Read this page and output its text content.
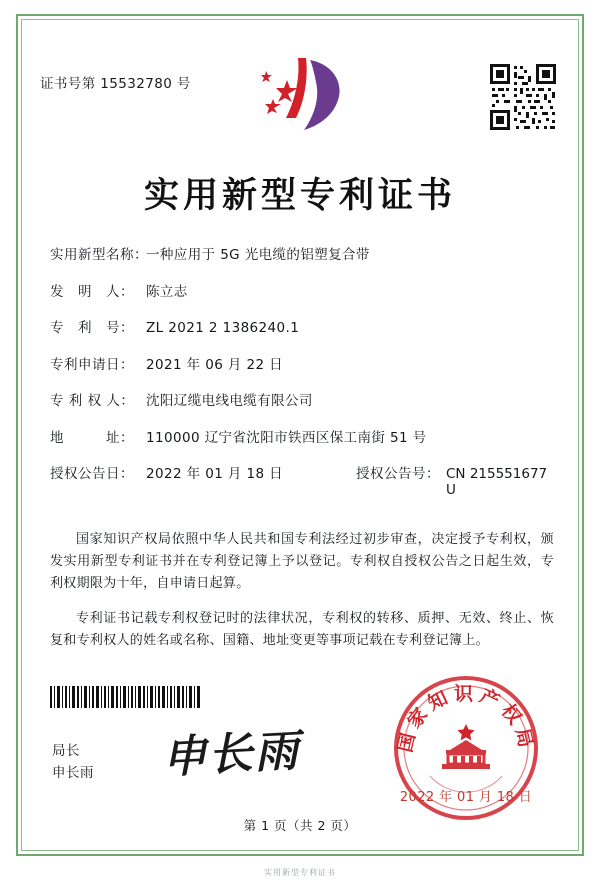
证书号第 15532780 号
实用新型专利证书
实用新型名称：
一种应用于 5G 光电缆的铝塑复合带
发　明　人： 陈立志
专　利　号： ZL 2021 2 1386240.1
专利申请日： 2021 年 06 月 22 日
专 利 权 人： 沈阳辽缆电线电缆有限公司
地　　　址： 110000 辽宁省沈阳市铁西区保工南街 51 号
授权公告日： 2022 年 01 月 18 日	授权公告号： CN 215551677 U

国家知识产权局依照中华人民共和国专利法经过初步审查，决定授予专利权，颁发实用新型专利证书并在专利登记簿上予以登记。专利权自授权公告之日起生效，专利权期限为十年，自申请日起算。

专利证书记载专利权登记时的法律状况，专利权的转移、质押、无效、终止、恢复和专利权人的姓名或名称、国籍、地址变更等事项记载在专利登记簿上。

局长
申长雨 申长雨	国家知识产权局
2022 年 01 月 18 日
第 1 页（共 2 页）
实用新型专利证书
